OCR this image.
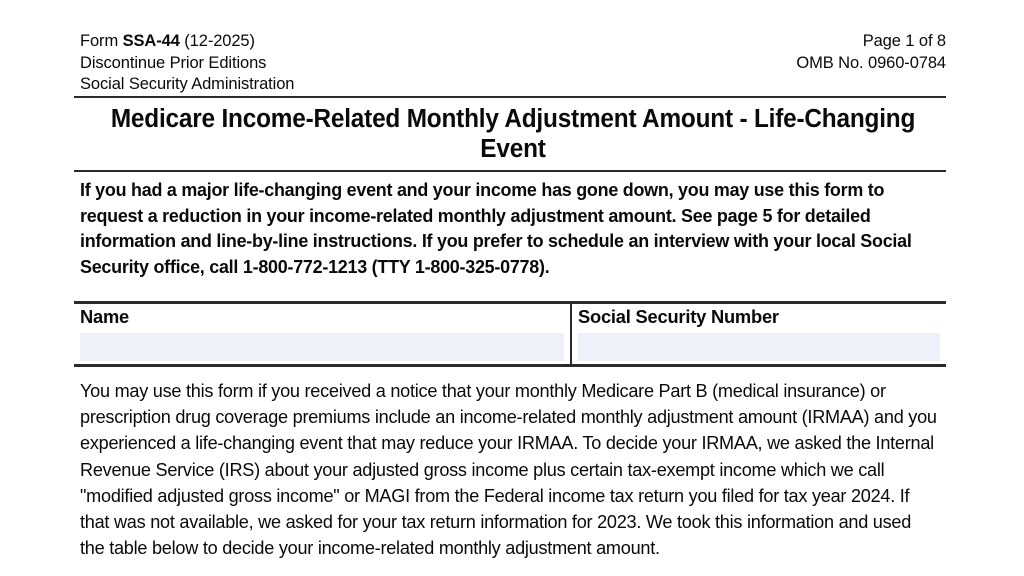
Form SSA-44 (12-2025)
Discontinue Prior Editions
Social Security Administration
Page 1 of 8
OMB No. 0960-0784
Medicare Income-Related Monthly Adjustment Amount - Life-Changing Event
If you had a major life-changing event and your income has gone down, you may use this form to request a reduction in your income-related monthly adjustment amount. See page 5 for detailed information and line-by-line instructions. If you prefer to schedule an interview with your local Social Security office, call 1-800-772-1213 (TTY 1-800-325-0778).
Name	Social Security Number
You may use this form if you received a notice that your monthly Medicare Part B (medical insurance) or prescription drug coverage premiums include an income-related monthly adjustment amount (IRMAA) and you experienced a life-changing event that may reduce your IRMAA. To decide your IRMAA, we asked the Internal Revenue Service (IRS) about your adjusted gross income plus certain tax-exempt income which we call "modified adjusted gross income" or MAGI from the Federal income tax return you filed for tax year 2024. If that was not available, we asked for your tax return information for 2023. We took this information and used the table below to decide your income-related monthly adjustment amount.
